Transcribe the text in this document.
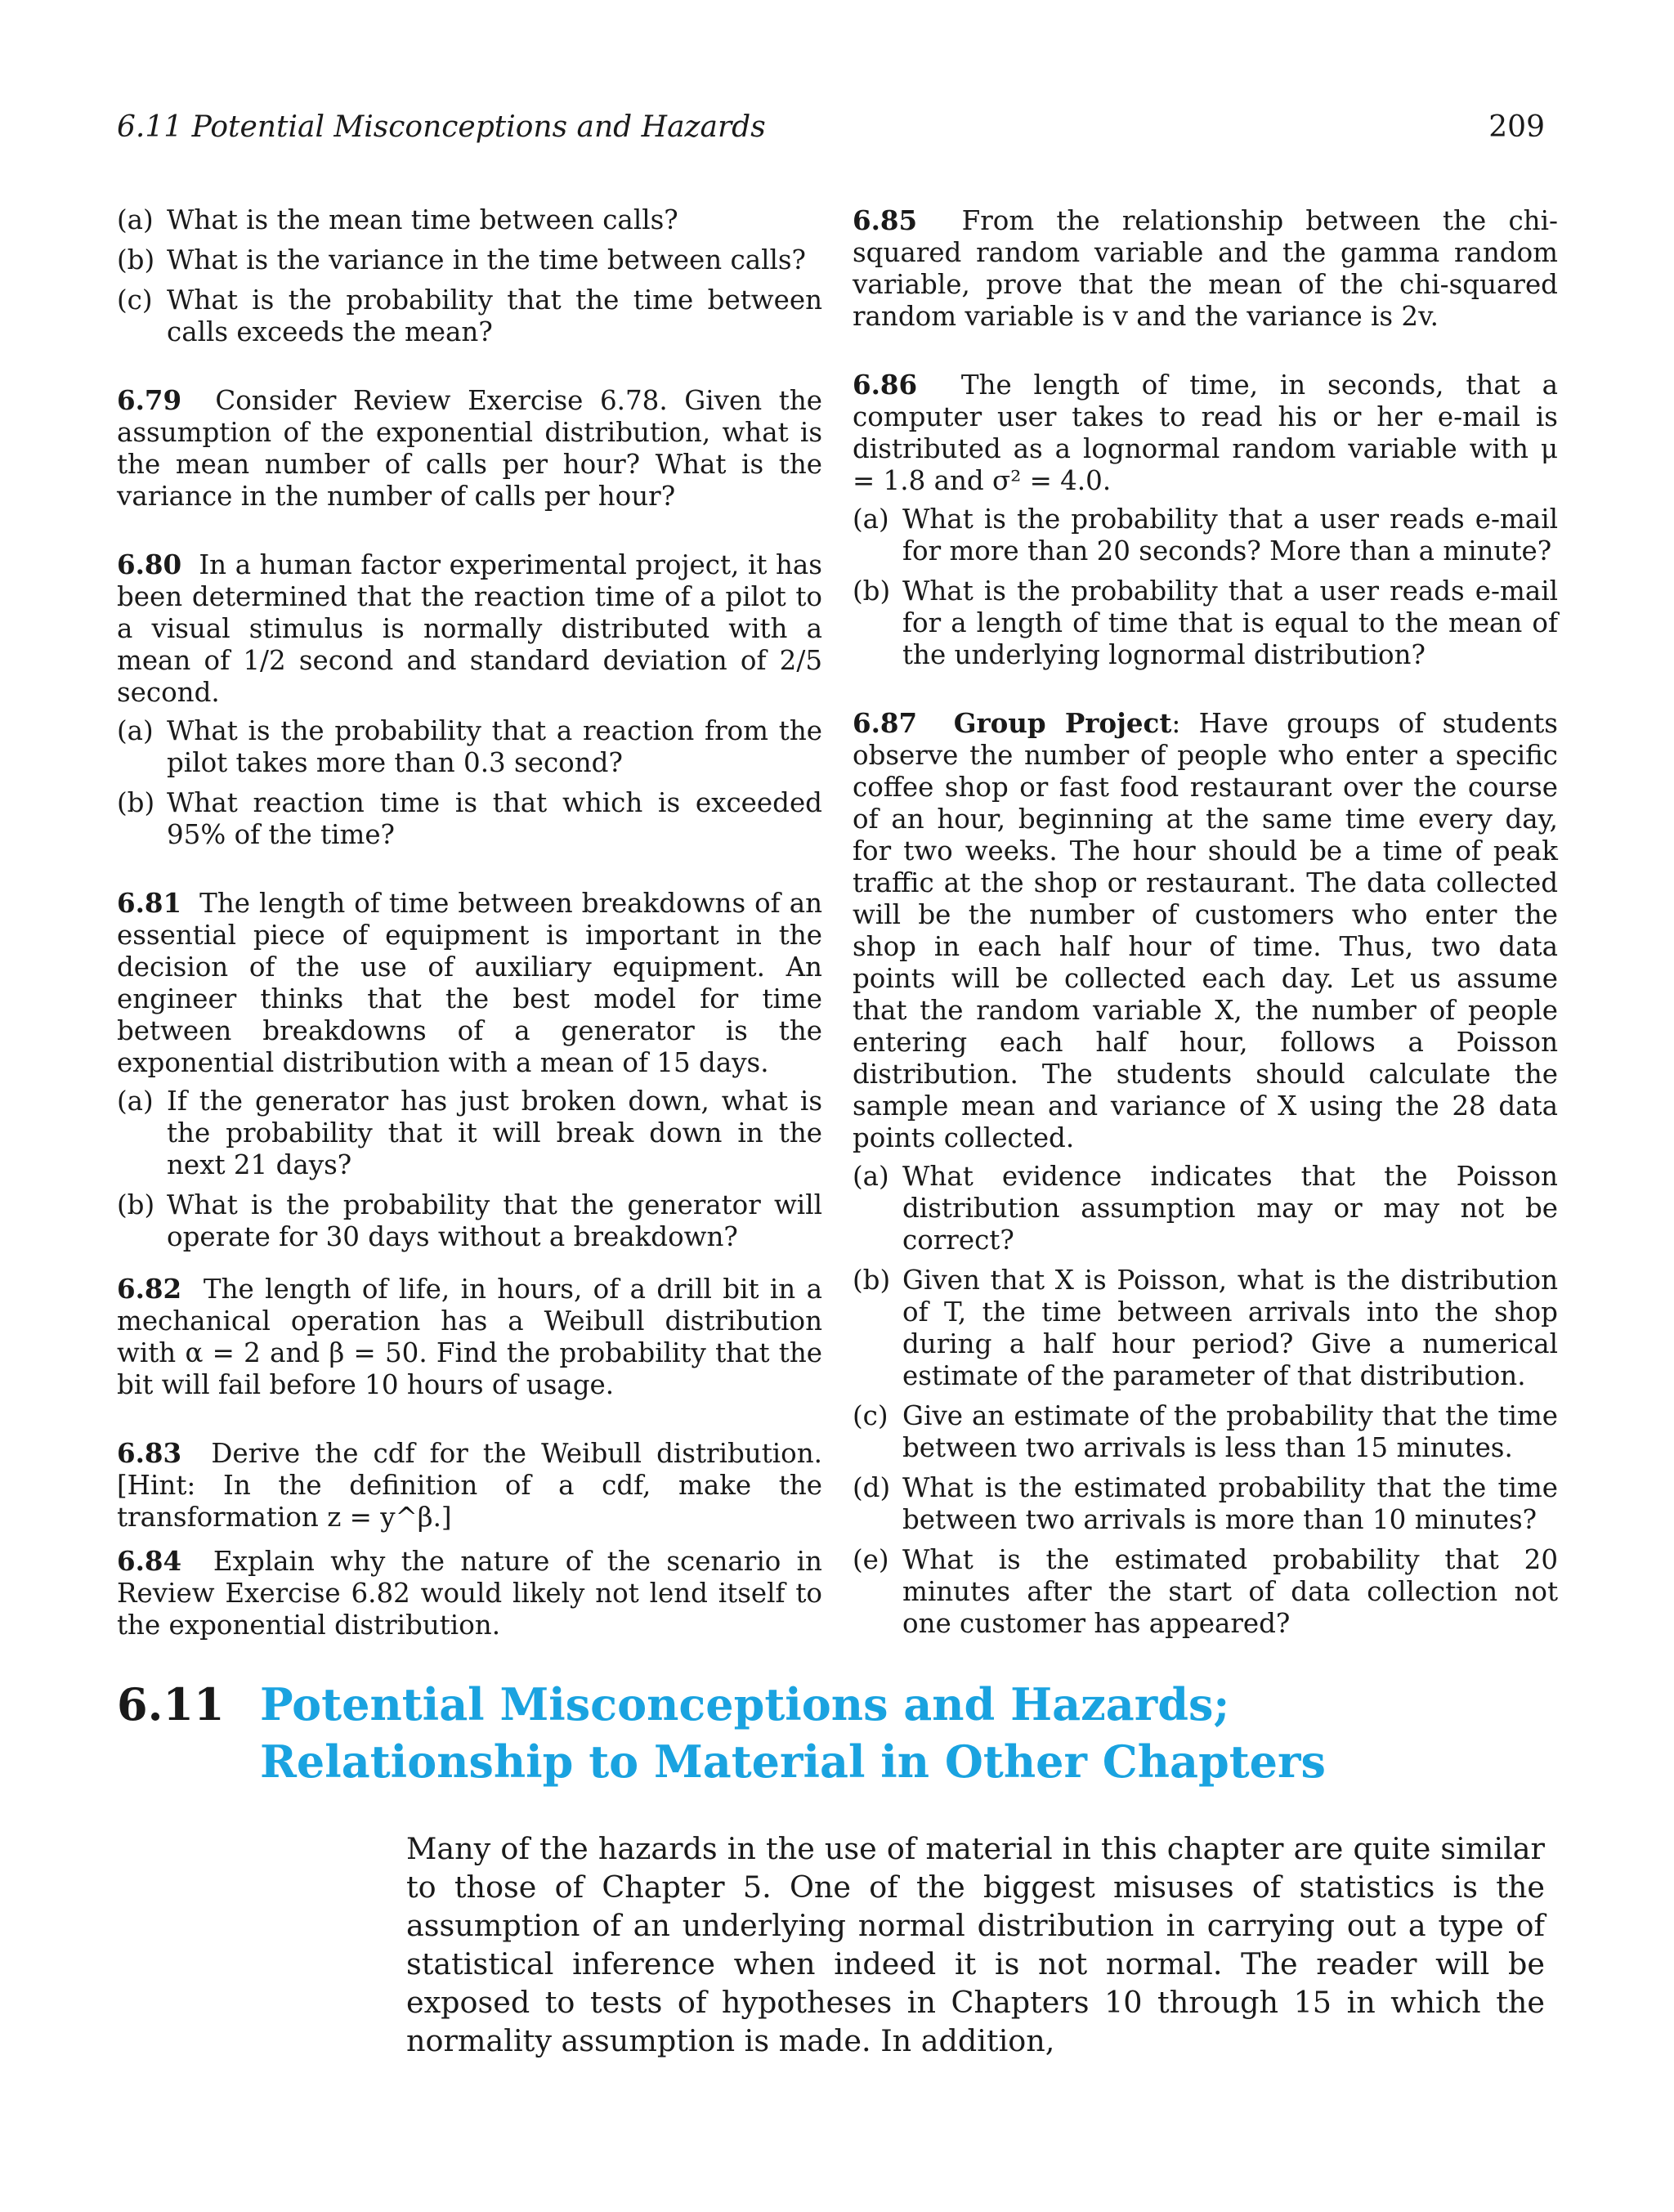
6.11 Potential Misconceptions and Hazards	209
(a) What is the mean time between calls?
(b) What is the variance in the time between calls?
(c) What is the probability that the time between calls exceeds the mean?

6.79 Consider Review Exercise 6.78. Given the assumption of the exponential distribution, what is the mean number of calls per hour? What is the variance in the number of calls per hour?

6.80 In a human factor experimental project, it has been determined that the reaction time of a pilot to a visual stimulus is normally distributed with a mean of 1/2 second and standard deviation of 2/5 second.

(a) What is the probability that a reaction from the pilot takes more than 0.3 second?
(b) What reaction time is that which is exceeded 95% of the time?

6.81 The length of time between breakdowns of an essential piece of equipment is important in the decision of the use of auxiliary equipment. An engineer thinks that the best model for time between breakdowns of a generator is the exponential distribution with a mean of 15 days.

(a) If the generator has just broken down, what is the probability that it will break down in the next 21 days?
(b) What is the probability that the generator will operate for 30 days without a breakdown?

6.82 The length of life, in hours, of a drill bit in a mechanical operation has a Weibull distribution with α = 2 and β = 50. Find the probability that the bit will fail before 10 hours of usage.

6.83 Derive the cdf for the Weibull distribution. [Hint: In the definition of a cdf, make the transformation z = y^β.]

6.84 Explain why the nature of the scenario in Review Exercise 6.82 would likely not lend itself to the exponential distribution.

6.85 From the relationship between the chi-squared random variable and the gamma random variable, prove that the mean of the chi-squared random variable is v and the variance is 2v.

6.86 The length of time, in seconds, that a computer user takes to read his or her e-mail is distributed as a lognormal random variable with μ = 1.8 and σ² = 4.0.

(a) What is the probability that a user reads e-mail for more than 20 seconds? More than a minute?
(b) What is the probability that a user reads e-mail for a length of time that is equal to the mean of the underlying lognormal distribution?

6.87 Group Project: Have groups of students observe the number of people who enter a specific coffee shop or fast food restaurant over the course of an hour, beginning at the same time every day, for two weeks. The hour should be a time of peak traffic at the shop or restaurant. The data collected will be the number of customers who enter the shop in each half hour of time. Thus, two data points will be collected each day. Let us assume that the random variable X, the number of people entering each half hour, follows a Poisson distribution. The students should calculate the sample mean and variance of X using the 28 data points collected.

(a) What evidence indicates that the Poisson distribution assumption may or may not be correct?
(b) Given that X is Poisson, what is the distribution of T, the time between arrivals into the shop during a half hour period? Give a numerical estimate of the parameter of that distribution.
(c) Give an estimate of the probability that the time between two arrivals is less than 15 minutes.
(d) What is the estimated probability that the time between two arrivals is more than 10 minutes?
(e) What is the estimated probability that 20 minutes after the start of data collection not one customer has appeared?
6.11 Potential Misconceptions and Hazards;
Relationship to Material in Other Chapters

Many of the hazards in the use of material in this chapter are quite similar to those of Chapter 5. One of the biggest misuses of statistics is the assumption of an underlying normal distribution in carrying out a type of statistical inference when indeed it is not normal. The reader will be exposed to tests of hypotheses in Chapters 10 through 15 in which the normality assumption is made. In addition,
